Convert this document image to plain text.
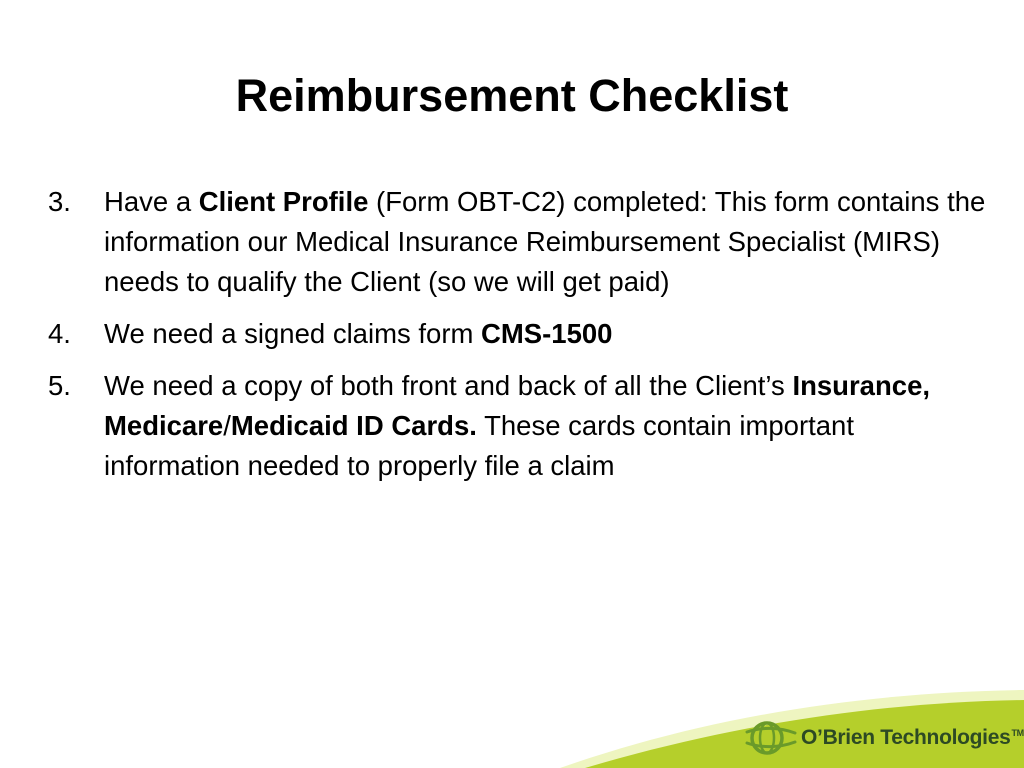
Reimbursement Checklist
3. Have a Client Profile (Form OBT-C2) completed: This form contains the information our Medical Insurance Reimbursement Specialist (MIRS) needs to qualify the Client (so we will get paid)
4. We need a signed claims form CMS-1500
5. We need a copy of both front and back of all the Client’s Insurance, Medicare/Medicaid ID Cards. These cards contain important information needed to properly file a claim
O’Brien Technologies™
